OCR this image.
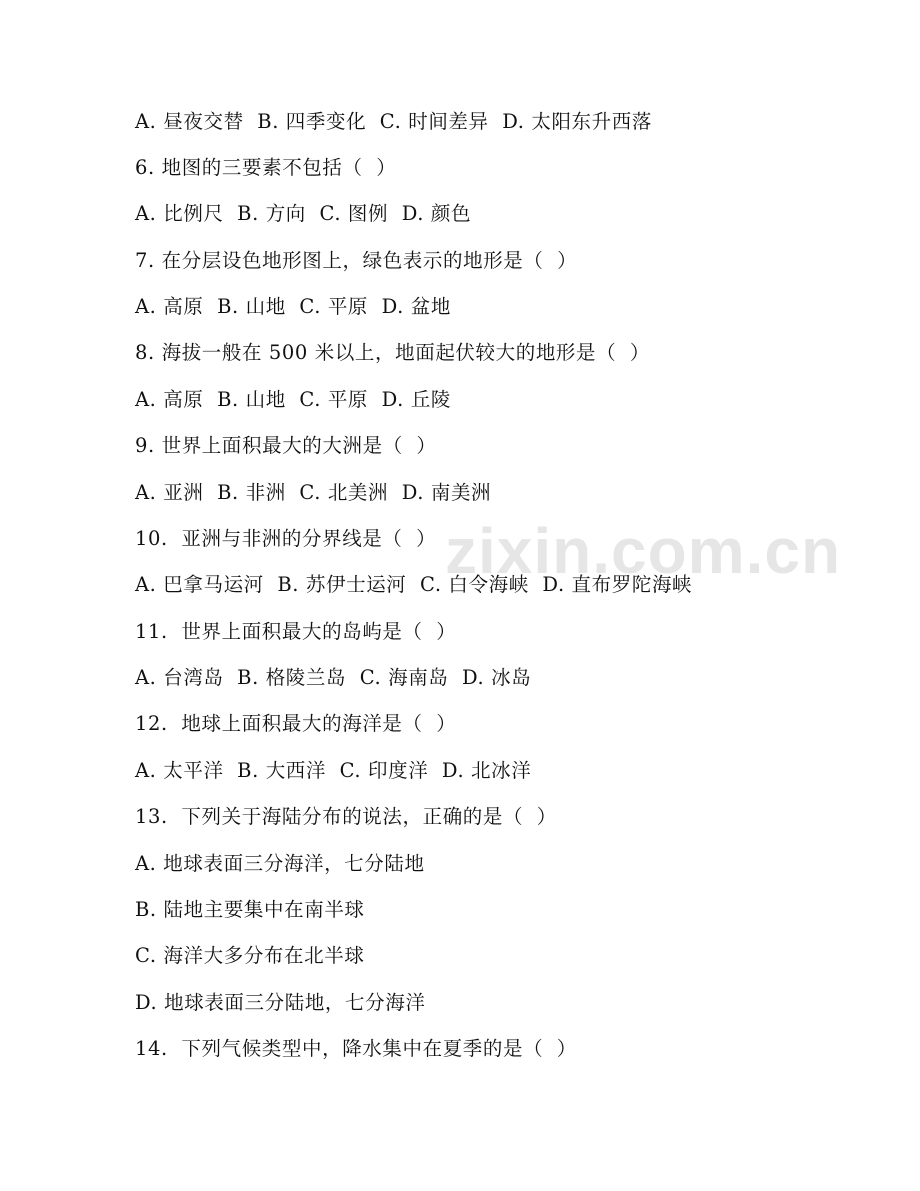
zixin.com.cn
A. 昼夜交替  B. 四季变化  C. 时间差异  D. 太阳东升西落
6. 地图的三要素不包括（  ）
A. 比例尺  B. 方向  C. 图例  D. 颜色
7. 在分层设色地形图上，绿色表示的地形是（  ）
A. 高原  B. 山地  C. 平原  D. 盆地
8. 海拔一般在 500 米以上，地面起伏较大的地形是（  ）
A. 高原  B. 山地  C. 平原  D. 丘陵
9. 世界上面积最大的大洲是（  ）
A. 亚洲  B. 非洲  C. 北美洲  D. 南美洲
10.  亚洲与非洲的分界线是（  ）
A. 巴拿马运河  B. 苏伊士运河  C. 白令海峡  D. 直布罗陀海峡
11.  世界上面积最大的岛屿是（  ）
A. 台湾岛  B. 格陵兰岛  C. 海南岛  D. 冰岛
12.  地球上面积最大的海洋是（  ）
A. 太平洋  B. 大西洋  C. 印度洋  D. 北冰洋
13.  下列关于海陆分布的说法，正确的是（  ）
A. 地球表面三分海洋，七分陆地
B. 陆地主要集中在南半球
C. 海洋大多分布在北半球
D. 地球表面三分陆地，七分海洋
14.  下列气候类型中，降水集中在夏季的是（  ）
